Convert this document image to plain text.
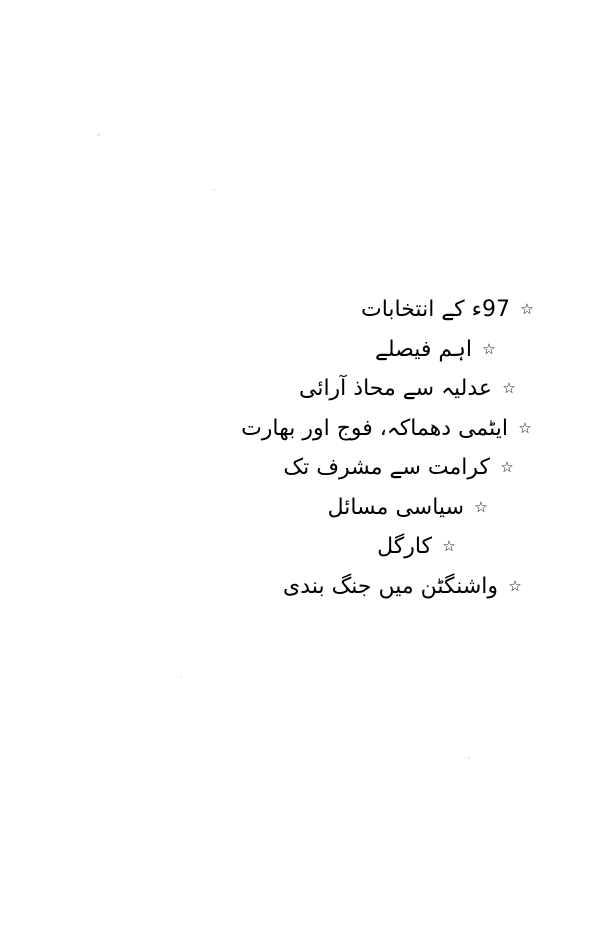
☆
97ء کے انتخابات
☆
اہم فیصلے
☆
عدلیہ سے محاذ آرائی
☆
ایٹمی دھماکہ، فوج اور بھارت
☆
کرامت سے مشرف تک
☆
سیاسی مسائل
☆
کارگل
☆
واشنگٹن میں جنگ بندی
